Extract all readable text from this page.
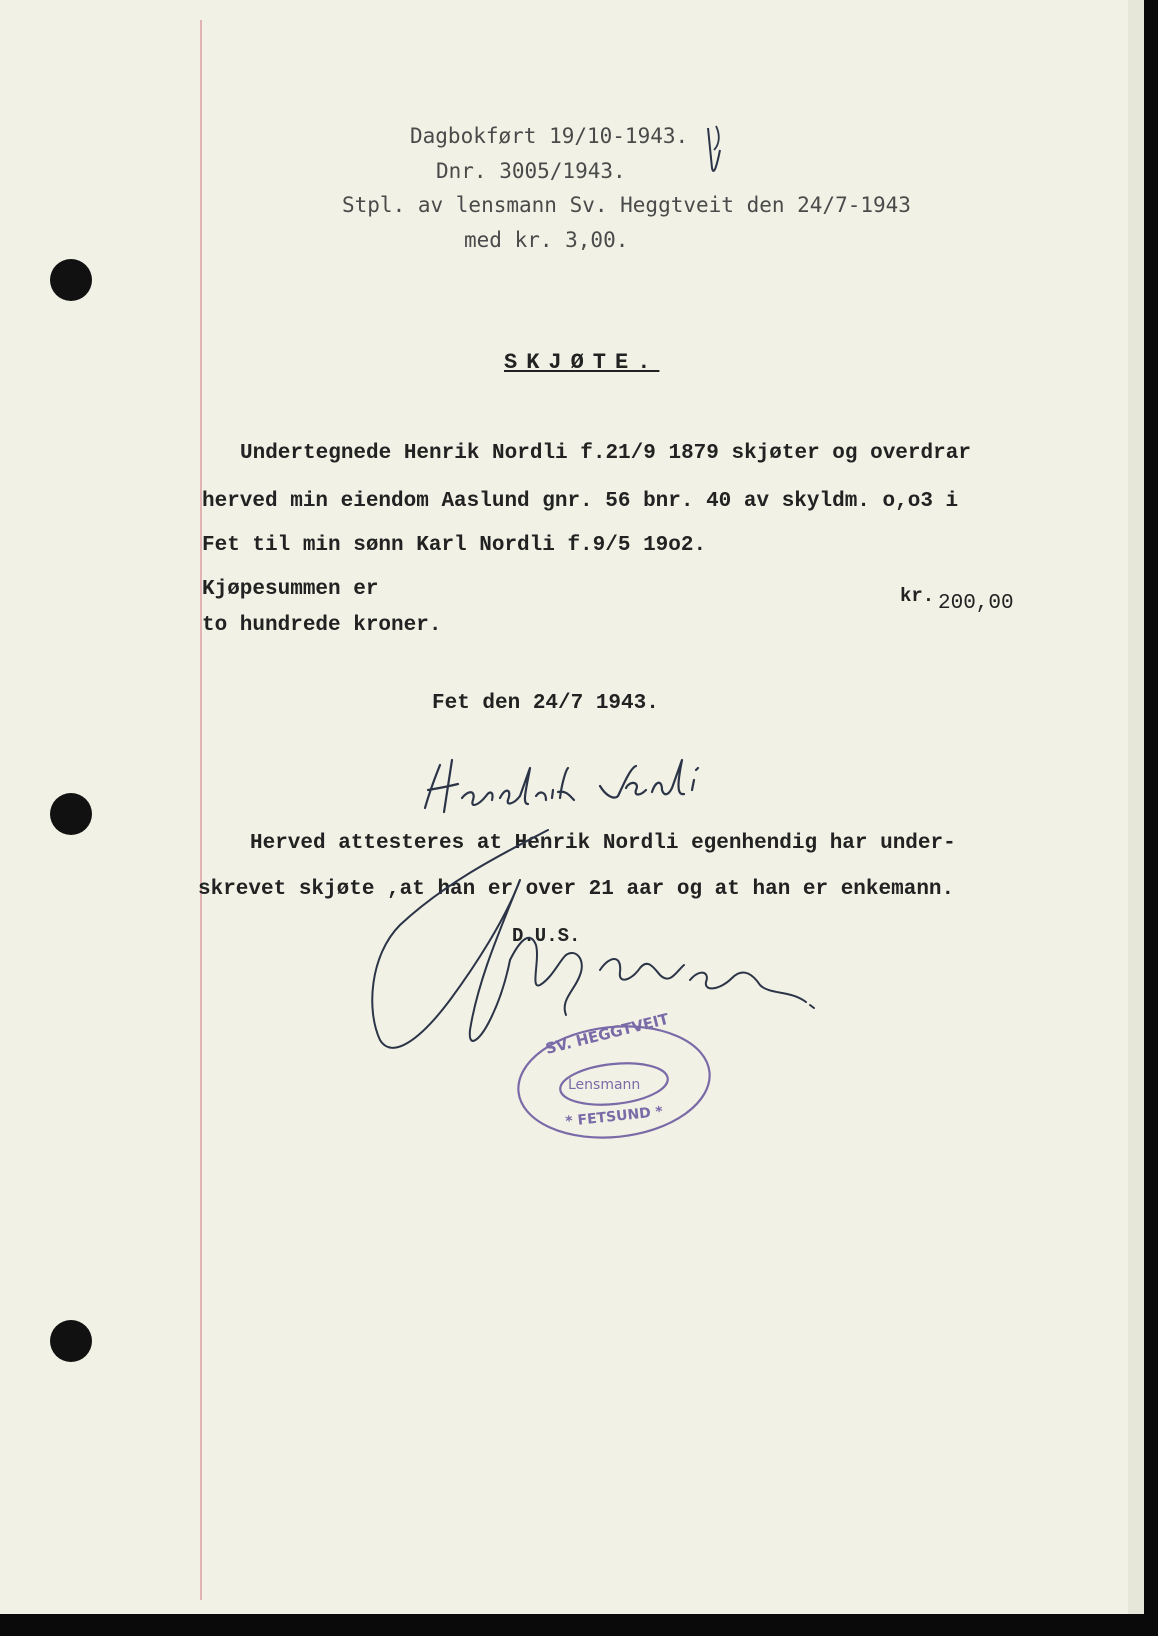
Dagbokført 19/10-1943.
Dnr. 3005/1943.
Stpl. av lensmann Sv. Heggtveit den 24/7-1943
med kr. 3,00.
SKJØTE.
Undertegnede Henrik Nordli f.21/9 1879 skjøter og overdrar
herved min eiendom Aaslund gnr. 56 bnr. 40 av skyldm. o,o3 i
Fet til min sønn Karl Nordli f.9/5 19o2.
Kjøpesummen er
to hundrede kroner.
kr. 200,00
Fet den 24/7 1943.
Herved attesteres at Henrik Nordli egenhendig har under-
skrevet skjøte ,at han er over 21 aar og at han er enkemann.
D.U.S.
SV. HEGGTVEIT
Lensmann
* FETSUND *
